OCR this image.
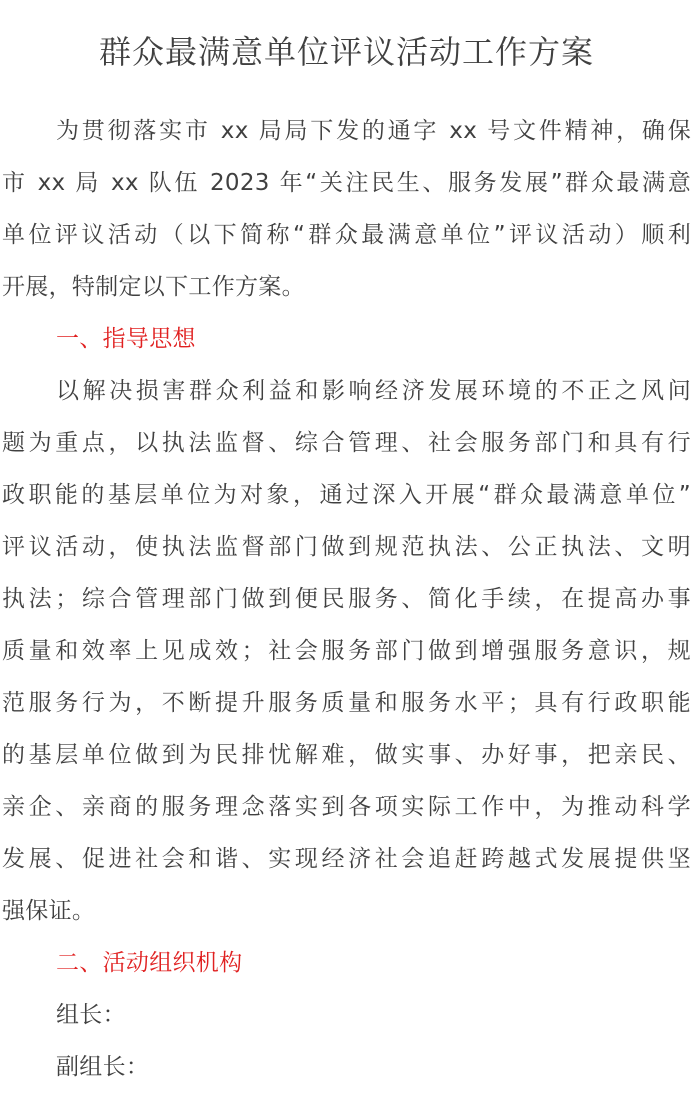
群众最满意单位评议活动工作方案
为贯彻落实市 xx 局局下发的通字 xx 号文件精神，确保
市 xx 局 xx 队伍 2023 年“关注民生、服务发展”群众最满意
单位评议活动（以下简称“群众最满意单位”评议活动）顺利
开展，特制定以下工作方案。
一、指导思想
以解决损害群众利益和影响经济发展环境的不正之风问
题为重点，以执法监督、综合管理、社会服务部门和具有行
政职能的基层单位为对象，通过深入开展“群众最满意单位”
评议活动，使执法监督部门做到规范执法、公正执法、文明
执法；综合管理部门做到便民服务、简化手续，在提高办事
质量和效率上见成效；社会服务部门做到增强服务意识，规
范服务行为，不断提升服务质量和服务水平；具有行政职能
的基层单位做到为民排忧解难，做实事、办好事，把亲民、
亲企、亲商的服务理念落实到各项实际工作中，为推动科学
发展、促进社会和谐、实现经济社会追赶跨越式发展提供坚
强保证。
二、活动组织机构
组长：
副组长：
